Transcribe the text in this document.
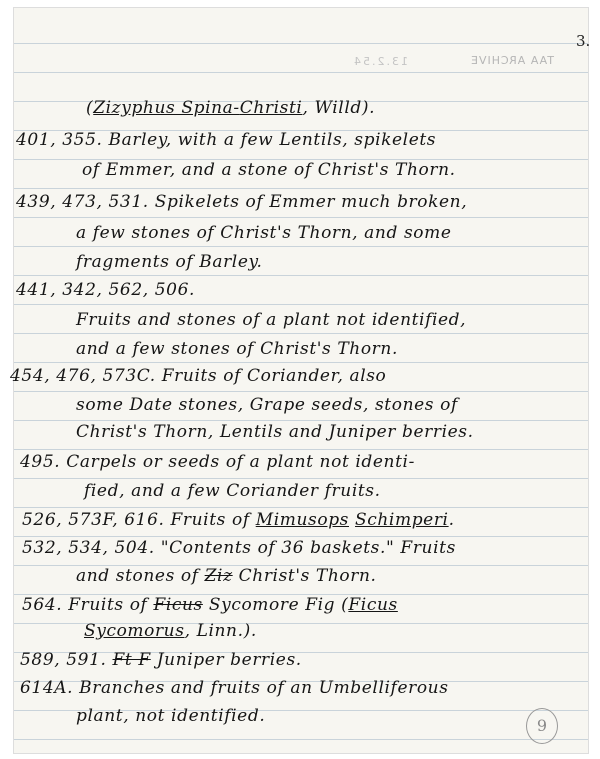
3.
TAA ARCHIVE
13.2.54
(Zizyphus Spina-Christi, Willd).
401, 355. Barley, with a few Lentils, spikelets
of Emmer, and a stone of Christ's Thorn.
439, 473, 531. Spikelets of Emmer much broken,
a few stones of Christ's Thorn, and some
fragments of Barley.
441, 342, 562, 506.
Fruits and stones of a plant not identified,
and a few stones of Christ's Thorn.
454, 476, 573C. Fruits of Coriander, also
some Date stones, Grape seeds, stones of
Christ's Thorn, Lentils and Juniper berries.
495. Carpels or seeds of a plant not identi-
fied, and a few Coriander fruits.
526, 573F, 616. Fruits of Mimusops Schimperi.
532, 534, 504. "Contents of 36 baskets." Fruits
and stones of Ziz Christ's Thorn.
564. Fruits of Ficus Sycomore Fig (Ficus
Sycomorus, Linn.).
589, 591. Ft F Juniper berries.
614A. Branches and fruits of an Umbelliferous
plant, not identified.	9
